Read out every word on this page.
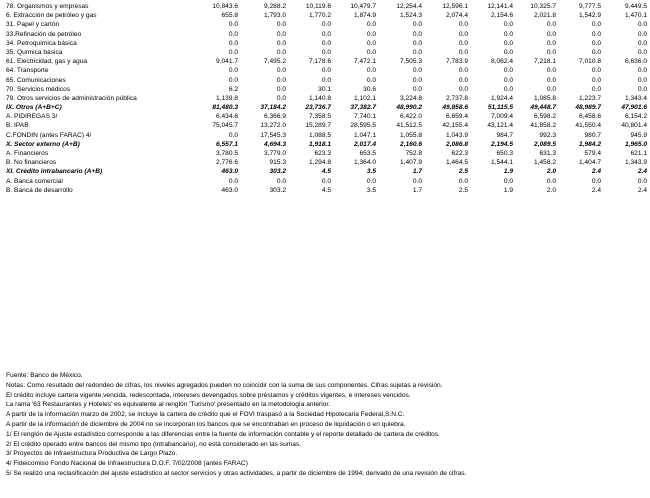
78. Organismos y empresas	10,843.6	9,288.2	10,119.6	10,479.7	12,254.4	12,596.1	12,141.4	10,325.7	9,777.5	9,449.5
6. Extracción de petróleo y gas	655.8	1,793.0	1,770.2	1,874.9	1,524.3	2,074.4	2,154.6	2,021.8	1,542.9	1,470.1
31. Papel y cartón	0.0	0.0	0.0	0.0	0.0	0.0	0.0	0.0	0.0	0.0
33.Refinación de petróleo	0.0	0.0	0.0	0.0	0.0	0.0	0.0	0.0	0.0	0.0
34. Petroquímica básica	0.0	0.0	0.0	0.0	0.0	0.0	0.0	0.0	0.0	0.0
35. Química básica	0.0	0.0	0.0	0.0	0.0	0.0	0.0	0.0	0.0	0.0
61. Electricidad, gas y agua	9,041.7	7,495.2	7,178.6	7,472.1	7,505.3	7,783.9	8,062.4	7,218.1	7,010.8	6,636.0
64. Transporte	0.0	0.0	0.0	0.0	0.0	0.0	0.0	0.0	0.0	0.0
65. Comunicaciones	0.0	0.0	0.0	0.0	0.0	0.0	0.0	0.0	0.0	0.0
70. Servicios médicos	6.2	0.0	30.1	30.6	0.0	0.0	0.0	0.0	0.0	0.0
79. Otros servicios de administración pública	1,139.8	0.0	1,140.8	1,102.1	3,224.8	2,737.8	1,924.4	1,085.8	1,223.7	1,343.4
IX. Otros (A+B+C)	81,480.3	37,184.2	23,736.7	37,382.7	48,990.2	49,858.6	51,115.5	49,448.7	48,989.7	47,901.6
A. PIDIREGAS 3/	6,434.6	6,366.9	7,358.5	7,740.1	6,422.0	6,659.4	7,009.4	6,598.2	6,458.6	6,154.2
B. IPAB	75,045.7	13,272.0	15,289.7	28,595.5	41,512.5	42,155.4	43,121.4	41,858.2	41,550.4	40,801.4
C.FONDIN (antes FARAC) 4/	0.0	17,545.3	1,088.5	1,047.1	1,055.8	1,043.9	984.7	992.3	980.7	945.9
X. Sector externo (A+B)	6,557.1	4,694.3	1,918.1	2,017.4	2,160.6	2,086.8	2,194.5	2,089.5	1,984.2	1,965.0
A. Financieros	3,780.5	3,779.0	623.3	653.5	752.8	622.3	650.3	631.3	579.4	621.1
B. No financieros	2,776.6	915.3	1,294.8	1,364.0	1,407.9	1,464.5	1,544.1	1,458.2	1,404.7	1,343.9
XI. Crédito intrabancario (A+B)	463.0	303.2	4.5	3.5	1.7	2.5	1.9	2.0	2.4	2.4
A. Banca comercial	0.0	0.0	0.0	0.0	0.0	0.0	0.0	0.0	0.0	0.0
B. Banca de desarrollo	463.0	303.2	4.5	3.5	1.7	2.5	1.9	2.0	2.4	2.4
Fuente: Banco de México.
Notas: Como resultado del redondeo de cifras, los niveles agregados pueden no coincidir con la suma de sus componentes. Cifras sujetas a revisión.
El crédito incluye cartera vigente,vencida, redescontada, intereses devengados sobre préstamos y créditos vigentes, e intereses vencidos.
La rama '63 Restaurantes y Hoteles' es equivalente al renglón 'Turismo' presentado en la metodología anterior.
A partir de la información marzo de 2002, se incluye la cartera de crédito que el FOVI traspasó a la Sociedad Hipotecaria Federal,S.N.C.
A partir de la información de diciembre de 2004 no se incorporan los bancos que se encontraban en proceso de liquidación o en quiebra.
1/ El renglón de Ajuste estadístico corresponde a las diferencias entre la fuente de información contable y el reporte detallado de cartera de créditos.
2/ El crédito operado entre bancos del mismo tipo (intrabancario), no está considerado en las sumas.
3/ Proyectos de Infraestructura Productiva de Largo Plazo.
4/ Fideicomiso Fondo Nacional de Infraestructura D.O.F. 7/02/2008 (antes FARAC)
5/ Se realizó una reclasificación del ajuste estadístico al sector servicios y otras actividades, a partir de diciembre de 1994, derivado de una revisión de cifras.
